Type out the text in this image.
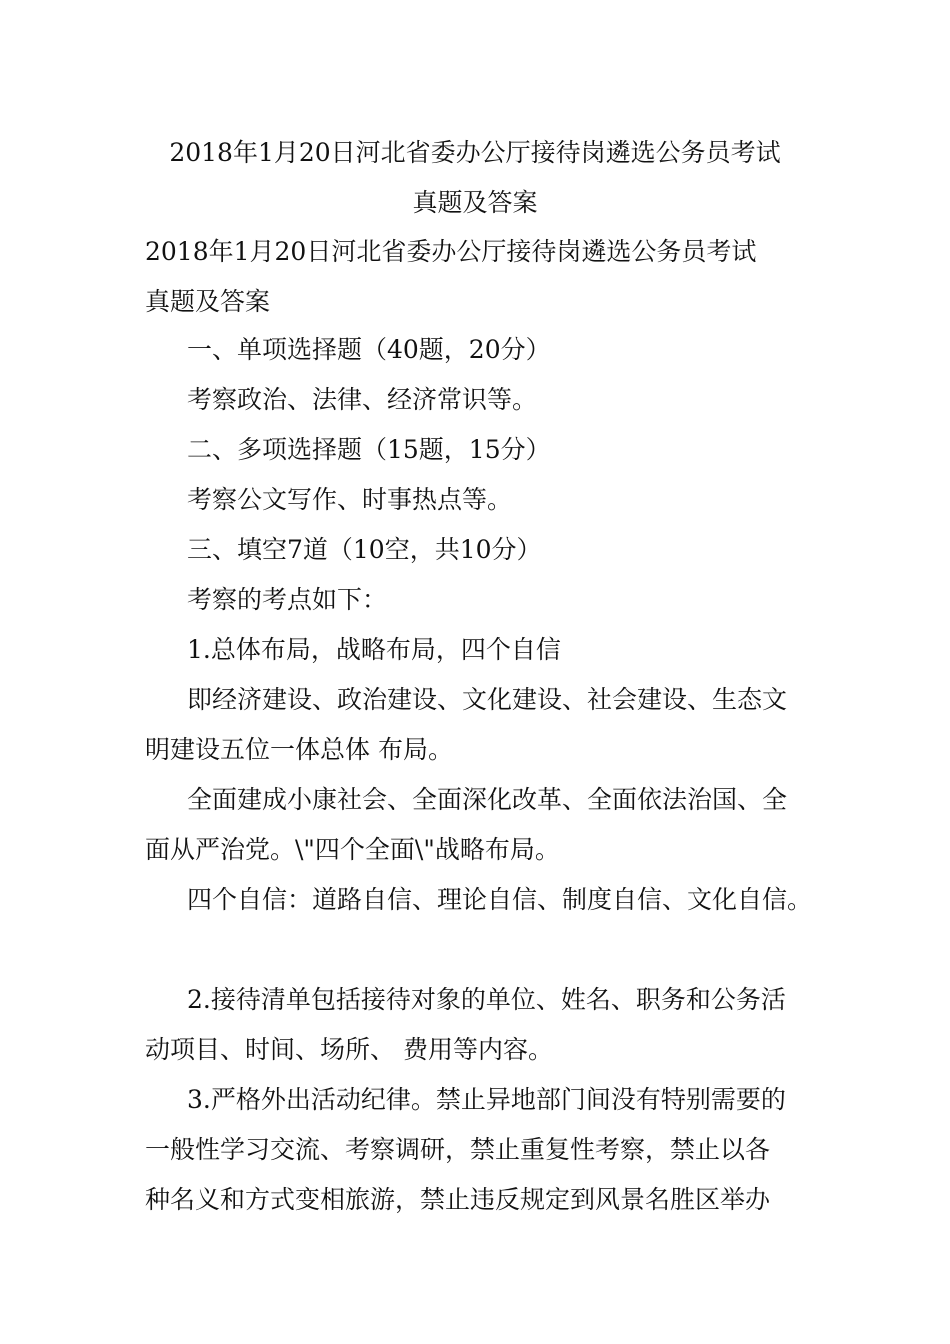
2018年1月20日河北省委办公厅接待岗遴选公务员考试
真题及答案
2018年1月20日河北省委办公厅接待岗遴选公务员考试
真题及答案
一、单项选择题（40题，20分）
考察政治、法律、经济常识等。
二、多项选择题（15题，15分）
考察公文写作、时事热点等。
三、填空7道（10空，共10分）
考察的考点如下：
1.总体布局，战略布局，四个自信
即经济建设、政治建设、文化建设、社会建设、生态文
明建设五位一体总体 布局。
全面建成小康社会、全面深化改革、全面依法治国、全
面从严治党。\"四个全面\"战略布局。
四个自信：道路自信、理论自信、制度自信、文化自信。
2.接待清单包括接待对象的单位、姓名、职务和公务活
动项目、时间、场所、 费用等内容。
3.严格外出活动纪律。禁止异地部门间没有特别需要的
一般性学习交流、考察调研，禁止重复性考察，禁止以各
种名义和方式变相旅游，禁止违反规定到风景名胜区举办
